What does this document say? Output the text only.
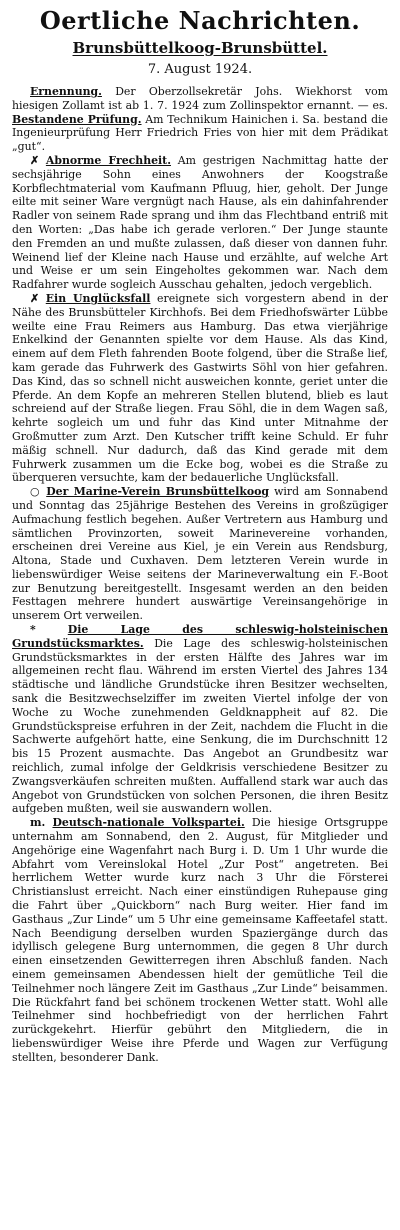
Oertliche Nachrichten.
Brunsbüttelkoog-Brunsbüttel.
7. August 1924.

Ernennung. Der Oberzollsekretär Johs. Wiekhorst vom hiesigen Zollamt ist ab 1. 7. 1924 zum Zollinspektor ernannt. — es. Bestandene Prüfung. Am Technikum Hainichen i. Sa. bestand die Ingenieurprüfung Herr Friedrich Fries von hier mit dem Prädikat „gut“.

✗ Abnorme Frechheit. Am gestrigen Nachmittag hatte der sechsjährige Sohn eines Anwohners der Koogstraße Korbflechtmaterial vom Kaufmann Pfluug, hier, geholt. Der Junge eilte mit seiner Ware vergnügt nach Hause, als ein dahinfahrender Radler von seinem Rade sprang und ihm das Flechtband entriß mit den Worten: „Das habe ich gerade verloren.“ Der Junge staunte den Fremden an und mußte zulassen, daß dieser von dannen fuhr. Weinend lief der Kleine nach Hause und erzählte, auf welche Art und Weise er um sein Eingeholtes gekommen war. Nach dem Radfahrer wurde sogleich Ausschau gehalten, jedoch vergeblich.

✗ Ein Unglücksfall ereignete sich vorgestern abend in der Nähe des Brunsbütteler Kirchhofs. Bei dem Friedhofswärter Lübbe weilte eine Frau Reimers aus Hamburg. Das etwa vierjährige Enkelkind der Genannten spielte vor dem Hause. Als das Kind, einem auf dem Fleth fahrenden Boote folgend, über die Straße lief, kam gerade das Fuhrwerk des Gastwirts Söhl von hier gefahren. Das Kind, das so schnell nicht ausweichen konnte, geriet unter die Pferde. An dem Kopfe an mehreren Stellen blutend, blieb es laut schreiend auf der Straße liegen. Frau Söhl, die in dem Wagen saß, kehrte sogleich um und fuhr das Kind unter Mitnahme der Großmutter zum Arzt. Den Kutscher trifft keine Schuld. Er fuhr mäßig schnell. Nur dadurch, daß das Kind gerade mit dem Fuhrwerk zusammen um die Ecke bog, wobei es die Straße zu überqueren versuchte, kam der bedauerliche Unglücksfall.

○ Der Marine-Verein Brunsbüttelkoog wird am Sonnabend und Sonntag das 25jährige Bestehen des Vereins in großzügiger Aufmachung festlich begehen. Außer Vertretern aus Hamburg und sämtlichen Provinzorten, soweit Marinevereine vorhanden, erscheinen drei Vereine aus Kiel, je ein Verein aus Rendsburg, Altona, Stade und Cuxhaven. Dem letzteren Verein wurde in liebenswürdiger Weise seitens der Marineverwaltung ein F.-Boot zur Benutzung bereitgestellt. Insgesamt werden an den beiden Festtagen mehrere hundert auswärtige Vereinsangehörige in unserem Ort verweilen.

*	Die Lage des schleswig-holsteinischen Grundstücksmarktes. Die Lage des schleswig-holsteinischen Grundstücksmarktes in der ersten Hälfte des Jahres war im allgemeinen recht flau. Während im ersten Viertel des Jahres 134 städtische und ländliche Grundstücke ihren Besitzer wechselten, sank die Besitzwechselziffer im zweiten Viertel infolge der von Woche zu Woche zunehmenden Geldknappheit auf 82. Die Grundstückspreise erfuhren in der Zeit, nachdem die Flucht in die Sachwerte aufgehört hatte, eine Senkung, die im Durchschnitt 12 bis 15 Prozent ausmachte. Das Angebot an Grundbesitz war reichlich, zumal infolge der Geldkrisis verschiedene Besitzer zu Zwangsverkäufen schreiten mußten. Auffallend stark war auch das Angebot von Grundstücken von solchen Personen, die ihren Besitz aufgeben mußten, weil sie auswandern wollen.

m. Deutsch-nationale Volkspartei. Die hiesige Ortsgruppe unternahm am Sonnabend, den 2. August, für Mitglieder und Angehörige eine Wagenfahrt nach Burg i. D. Um 1 Uhr wurde die Abfahrt vom Vereinslokal Hotel „Zur Post“ angetreten. Bei herrlichem Wetter wurde kurz nach 3 Uhr die Försterei Christianslust erreicht. Nach einer einstündigen Ruhepause ging die Fahrt über „Quickborn“ nach Burg weiter. Hier fand im Gasthaus „Zur Linde“ um 5 Uhr eine gemeinsame Kaffeetafel statt. Nach Beendigung derselben wurden Spaziergänge durch das idyllisch gelegene Burg unternommen, die gegen 8 Uhr durch einen einsetzenden Gewitterregen ihren Abschluß fanden. Nach einem gemeinsamen Abendessen hielt der gemütliche Teil die Teilnehmer noch längere Zeit im Gasthaus „Zur Linde“ beisammen. Die Rückfahrt fand bei schönem trockenen Wetter statt. Wohl alle Teilnehmer sind hochbefriedigt von der herrlichen Fahrt zurückgekehrt. Hierfür gebührt den Mitgliedern, die in liebenswürdiger Weise ihre Pferde und Wagen zur Verfügung stellten, besonderer Dank.
